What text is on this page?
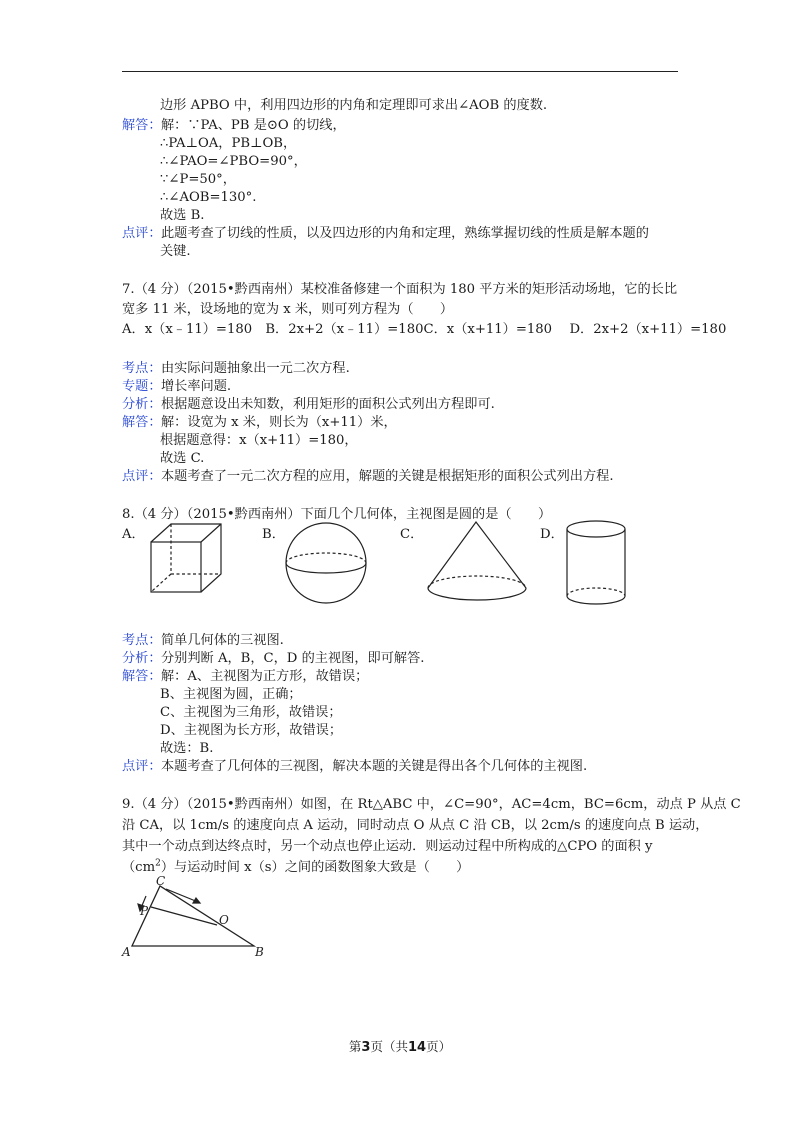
边形 APBO 中，利用四边形的内角和定理即可求出∠AOB 的度数.
解答： 解：∵PA、PB 是⊙O 的切线，
∴PA⊥OA，PB⊥OB，
∴∠PAO=∠PBO=90°，
∵∠P=50°，
∴∠AOB=130°.
故选 B.
点评： 此题考查了切线的性质，以及四边形的内角和定理，熟练掌握切线的性质是解本题的
关键.
7.（4 分）（2015•黔西南州）某校准备修建一个面积为 180 平方米的矩形活动场地，它的长比
宽多 11 米，设场地的宽为 x 米，则可列方程为（　　）
A．x（x﹣11）=180　B．2x+2（x﹣11）=180C．x（x+11）=180　 D．2x+2（x+11）=180
考点： 由实际问题抽象出一元二次方程.
专题： 增长率问题.
分析： 根据题意设出未知数，利用矩形的面积公式列出方程即可.
解答： 解：设宽为 x 米，则长为（x+11）米，
根据题意得：x（x+11）=180，
故选 C.
点评： 本题考查了一元二次方程的应用，解题的关键是根据矩形的面积公式列出方程.
8.（4 分）（2015•黔西南州）下面几个几何体，主视图是圆的是（　　）
A．	B．	C．	D．
考点： 简单几何体的三视图.
分析： 分别判断 A，B，C，D 的主视图，即可解答.
解答： 解：A、主视图为正方形，故错误；
B、主视图为圆，正确；
C、主视图为三角形，故错误；
D、主视图为长方形，故错误；
故选：B.
点评： 本题考查了几何体的三视图，解决本题的关键是得出各个几何体的主视图.
9.（4 分）（2015•黔西南州）如图，在 Rt△ABC 中，∠C=90°，AC=4cm，BC=6cm，动点 P 从点 C
沿 CA，以 1cm/s 的速度向点 A 运动，同时动点 O 从点 C 沿 CB，以 2cm/s 的速度向点 B 运动，
其中一个动点到达终点时，另一个动点也停止运动．则运动过程中所构成的△CPO 的面积 y
$(cm^2)$与运动时间 x（s）之间的函数图象大致是（　　）
C
P
O
A	B
第3页（共14页）
